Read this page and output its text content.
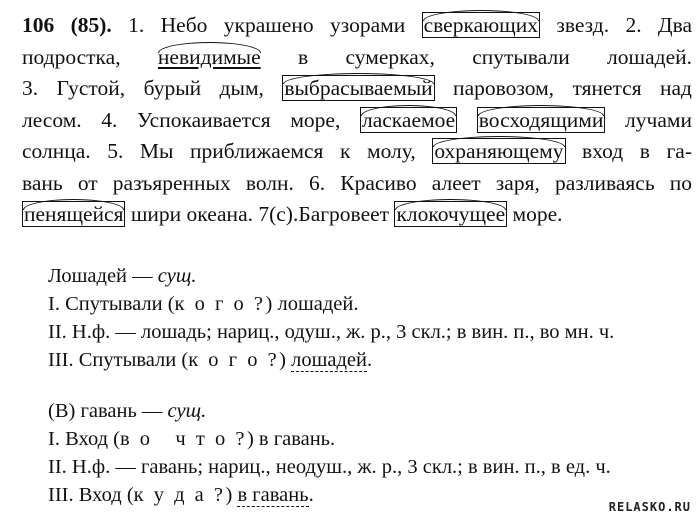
106 (85). 1. Небо украшено узорами сверкающих звезд. 2. Два
подростка, невидимые в сумерках, спутывали лошадей.
3. Густой, бурый дым, выбрасываемый паровозом, тянется над
лесом. 4. Успокаивается море, ласкаемое восходящими лучами
солнца. 5. Мы приближаемся к молу, охраняющему вход в га-
вань от разъяренных волн. 6. Красиво алеет заря, разливаясь по
пенящейся шири океана. 7(с).Багровеет клокочущее море.
Лошадей — сущ.
I. Спутывали (к о г о ?) лошадей.
II. Н.ф. — лошадь; нариц., одуш., ж. р., 3 скл.; в вин. п., во мн. ч.
III. Спутывали (к о г о ?) лошадей.
(В) гавань — сущ.
I. Вход (в о   ч т о ?) в гавань.
II. Н.ф. — гавань; нариц., неодуш., ж. р., 3 скл.; в вин. п., в ед. ч.
III. Вход (к у д а ?) в гавань.
RELASKO.RU
